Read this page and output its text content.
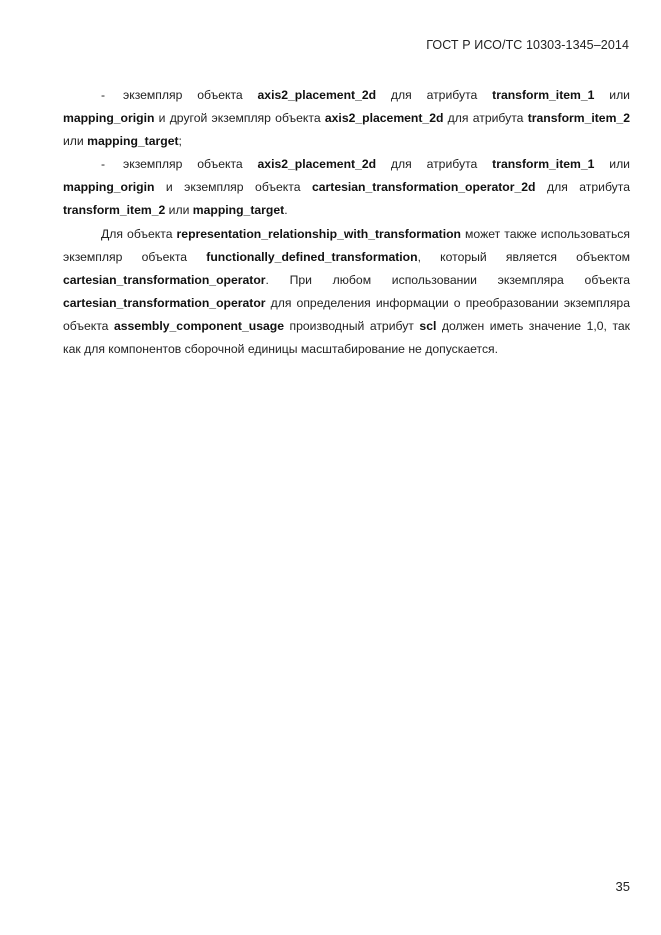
ГОСТ Р ИСО/ТС 10303-1345–2014

- экземпляр объекта axis2_placement_2d для атрибута transform_item_1 или mapping_origin и другой экземпляр объекта axis2_placement_2d для атрибута transform_item_2 или mapping_target;

- экземпляр объекта axis2_placement_2d для атрибута transform_item_1 или mapping_origin и экземпляр объекта cartesian_transformation_operator_2d для атрибута transform_item_2 или mapping_target.

Для объекта representation_relationship_with_transformation может также использоваться экземпляр объекта functionally_defined_transformation, который является объектом cartesian_transformation_operator. При любом использовании экземпляра объекта cartesian_transformation_operator для определения информации о преобразовании экземпляра объекта assembly_component_usage производный атрибут scl должен иметь значение 1,0, так как для компонентов сборочной единицы масштабирование не допускается.

35
